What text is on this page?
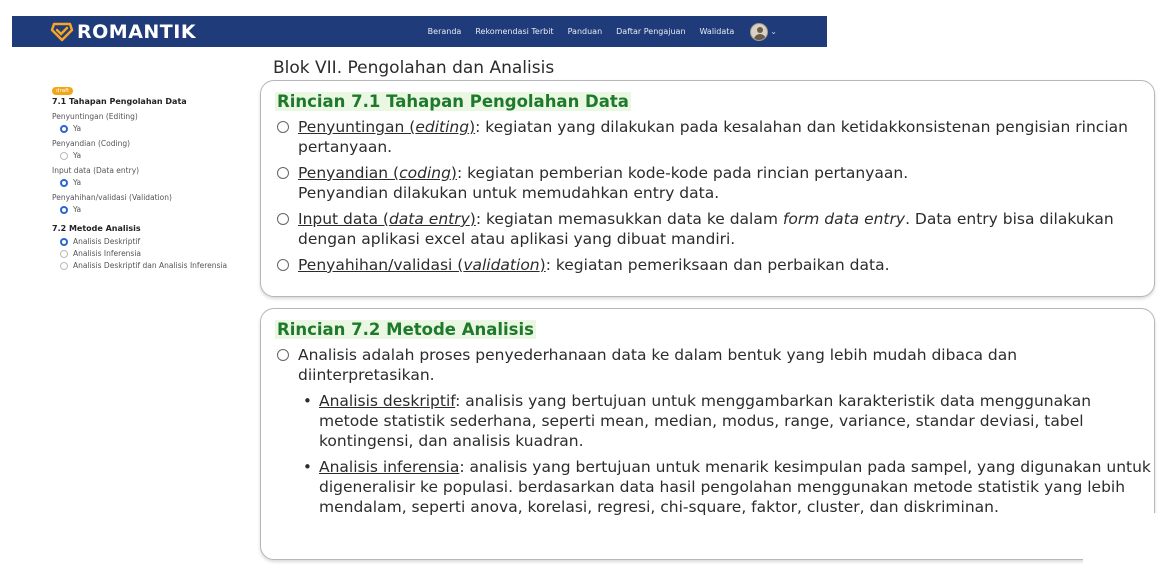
ROMANTIK	Beranda Rekomendasi Terbit Panduan Daftar Pengajuan Walidata	⌄
Blok VII. Pengolahan dan Analisis
draft
7.1 Tahapan Pengolahan Data
Penyuntingan (Editing)
Ya
Penyandian (Coding)
Ya
Input data (Data entry)
Ya
Penyahihan/validasi (Validation)
Ya
7.2 Metode Analisis
Analisis Deskriptif
Analisis Inferensia
Analisis Deskriptif dan Analisis Inferensia
Rincian 7.1 Tahapan Pengolahan Data
Penyuntingan (editing): kegiatan yang dilakukan pada kesalahan dan ketidakkonsistenan pengisian rincian pertanyaan.
Penyandian (coding): kegiatan pemberian kode-kode pada rincian pertanyaan.
Penyandian dilakukan untuk memudahkan entry data.
Input data (data entry): kegiatan memasukkan data ke dalam form data entry. Data entry bisa dilakukan dengan aplikasi excel atau aplikasi yang dibuat mandiri.
Penyahihan/validasi (validation): kegiatan pemeriksaan dan perbaikan data.
Rincian 7.2 Metode Analisis
Analisis adalah proses penyederhanaan data ke dalam bentuk yang lebih mudah dibaca dan diinterpretasikan.
• Analisis deskriptif: analisis yang bertujuan untuk menggambarkan karakteristik data menggunakan metode statistik sederhana, seperti mean, median, modus, range, variance, standar deviasi, tabel kontingensi, dan analisis kuadran.
• Analisis inferensia: analisis yang bertujuan untuk menarik kesimpulan pada sampel, yang digunakan untuk digeneralisir ke populasi. berdasarkan data hasil pengolahan menggunakan metode statistik yang lebih mendalam, seperti anova, korelasi, regresi, chi-square, faktor, cluster, dan diskriminan.
